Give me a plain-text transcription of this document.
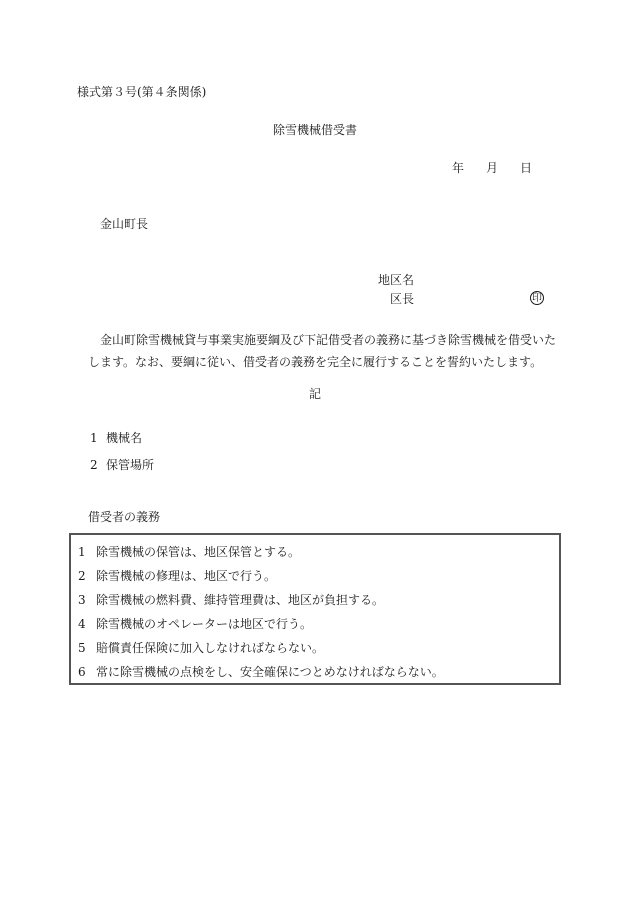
様式第３号(第４条関係)
除雪機械借受書
年 月 日
金山町長
地区名
区長	印

金山町除雪機械貸与事業実施要綱及び下記借受者の義務に基づき除雪機械を借受いた

します。なお、要綱に従い、借受者の義務を完全に履行することを誓約いたします。

記
1 機械名
2 保管場所
借受者の義務
1 除雪機械の保管は、地区保管とする。
2 除雪機械の修理は、地区で行う。
3 除雪機械の燃料費、維持管理費は、地区が負担する。
4 除雪機械のオペレーターは地区で行う。
5 賠償責任保険に加入しなければならない。
6 常に除雪機械の点検をし、安全確保につとめなければならない。
